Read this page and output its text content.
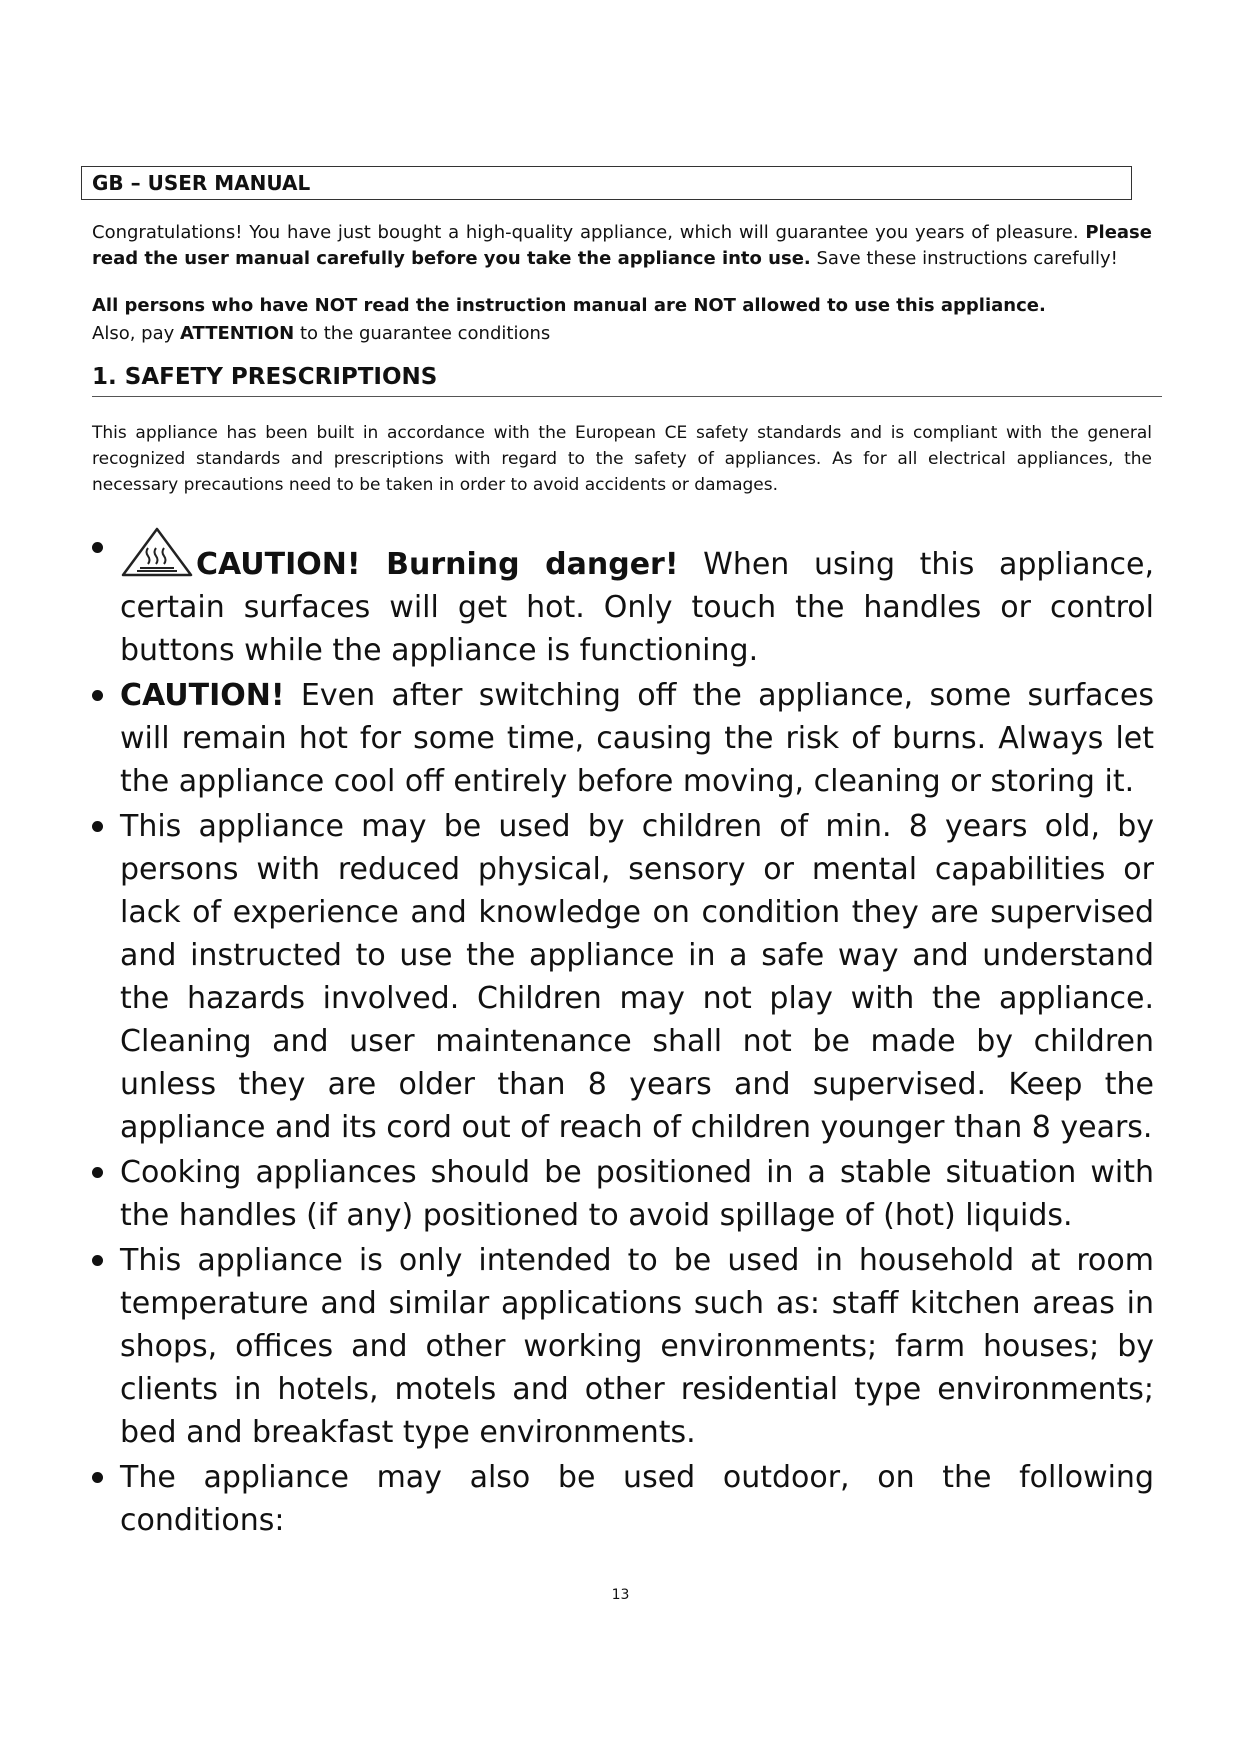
GB – USER MANUAL
Congratulations! You have just bought a high-quality appliance, which will guarantee you years of pleasure. Please read the user manual carefully before you take the appliance into use. Save these instructions carefully!
All persons who have NOT read the instruction manual are NOT allowed to use this appliance.
Also, pay ATTENTION to the guarantee conditions
1. SAFETY PRESCRIPTIONS
This appliance has been built in accordance with the European CE safety standards and is compliant with the general recognized standards and prescriptions with regard to the safety of appliances. As for all electrical appliances, the necessary precautions need to be taken in order to avoid accidents or damages.
CAUTION! Burning danger! When using this appliance, certain surfaces will get hot. Only touch the handles or control buttons while the appliance is functioning.
CAUTION! Even after switching off the appliance, some surfaces will remain hot for some time, causing the risk of burns. Always let the appliance cool off entirely before moving, cleaning or storing it.
This appliance may be used by children of min. 8 years old, by persons with reduced physical, sensory or mental capabilities or lack of experience and knowledge on condition they are supervised and instructed to use the appliance in a safe way and understand the hazards involved. Children may not play with the appliance. Cleaning and user maintenance shall not be made by children unless they are older than 8 years and supervised. Keep the appliance and its cord out of reach of children younger than 8 years.
Cooking appliances should be positioned in a stable situation with the handles (if any) positioned to avoid spillage of (hot) liquids.
This appliance is only intended to be used in household at room temperature and similar applications such as: staff kitchen areas in shops, offices and other working environments; farm houses; by clients in hotels, motels and other residential type environments; bed and breakfast type environments.
The appliance may also be used outdoor, on the following conditions:
13
